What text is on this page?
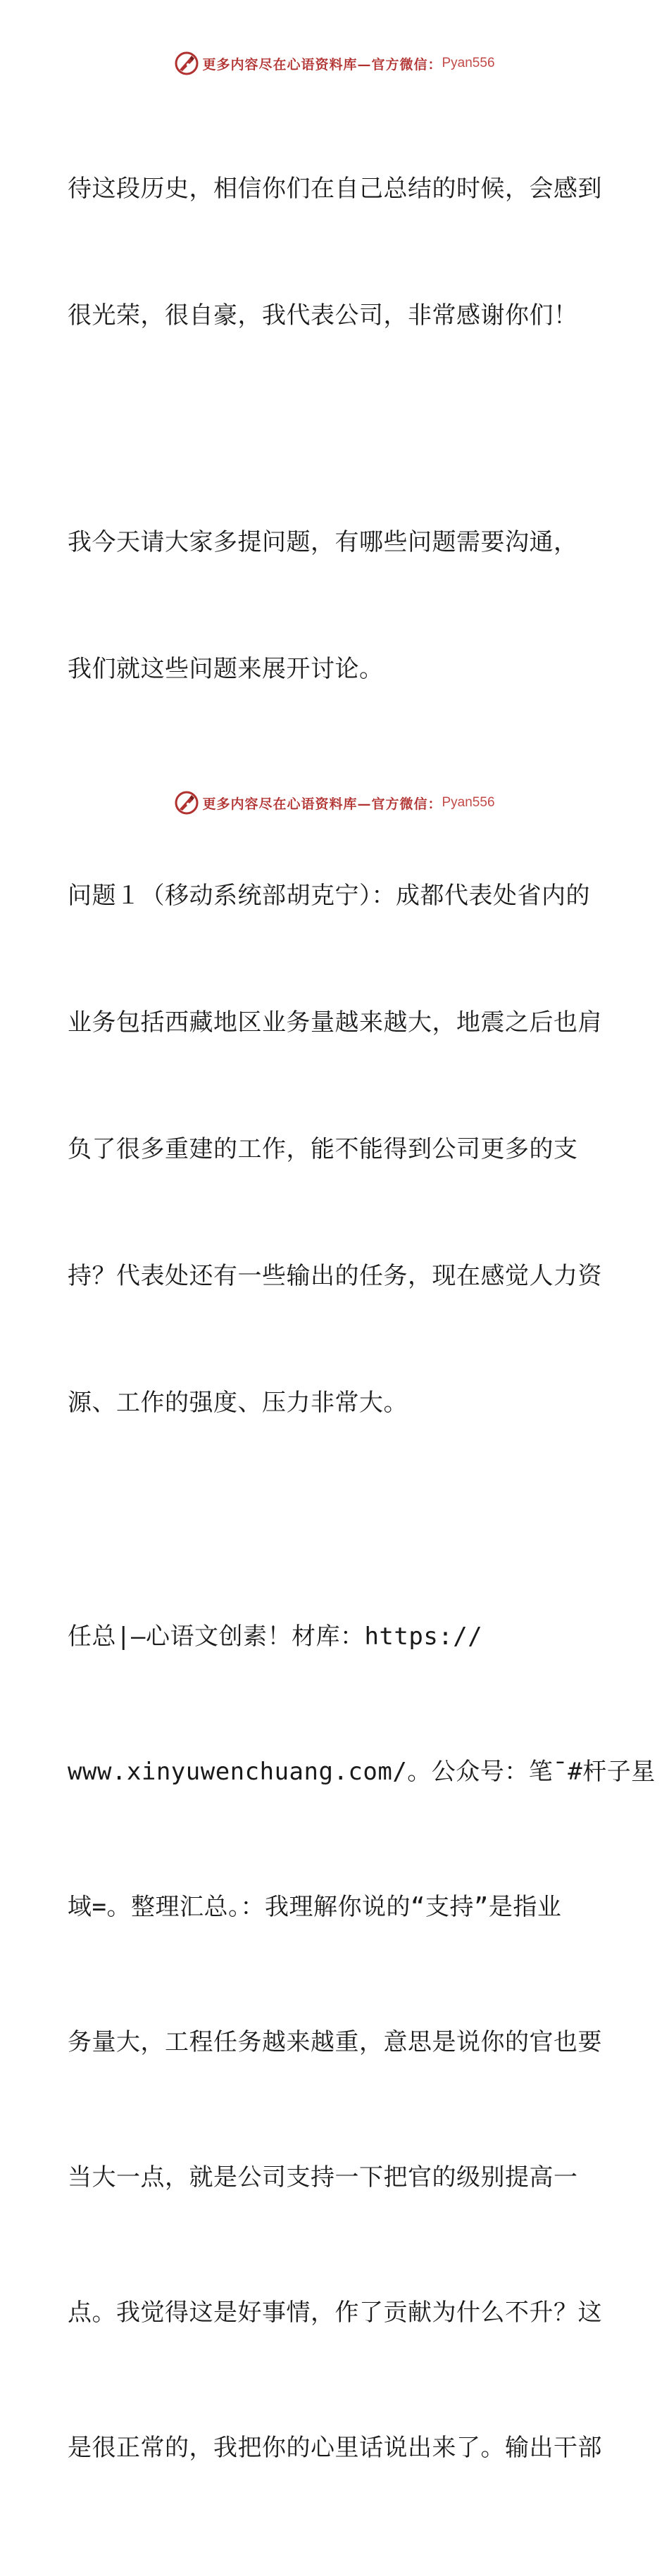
更多内容尽在心语资料库—官方微信： Pyan556

待这段历史，相信你们在自己总结的时候，会感到

很光荣，很自豪，我代表公司，非常感谢你们！

我今天请大家多提问题，有哪些问题需要沟通，

我们就这些问题来展开讨论。

问题１（移动系统部胡克宁）：成都代表处省内的

业务包括西藏地区业务量越来越大，地震之后也肩

负了很多重建的工作，能不能得到公司更多的支

持？代表处还有一些输出的任务，现在感觉人力资

源、工作的强度、压力非常大。

任总|—心语文创素！材库：https://

www.xinyuwenchuang.com/。公众号：笔¯#杆子星

域=。整理汇总。：我理解你说的“支持”是指业

务量大，工程任务越来越重，意思是说你的官也要

当大一点，就是公司支持一下把官的级别提高一

点。我觉得这是好事情，作了贡献为什么不升？这

是很正常的，我把你的心里话说出来了。输出干部

更多内容尽在心语资料库—官方微信： Pyan556
